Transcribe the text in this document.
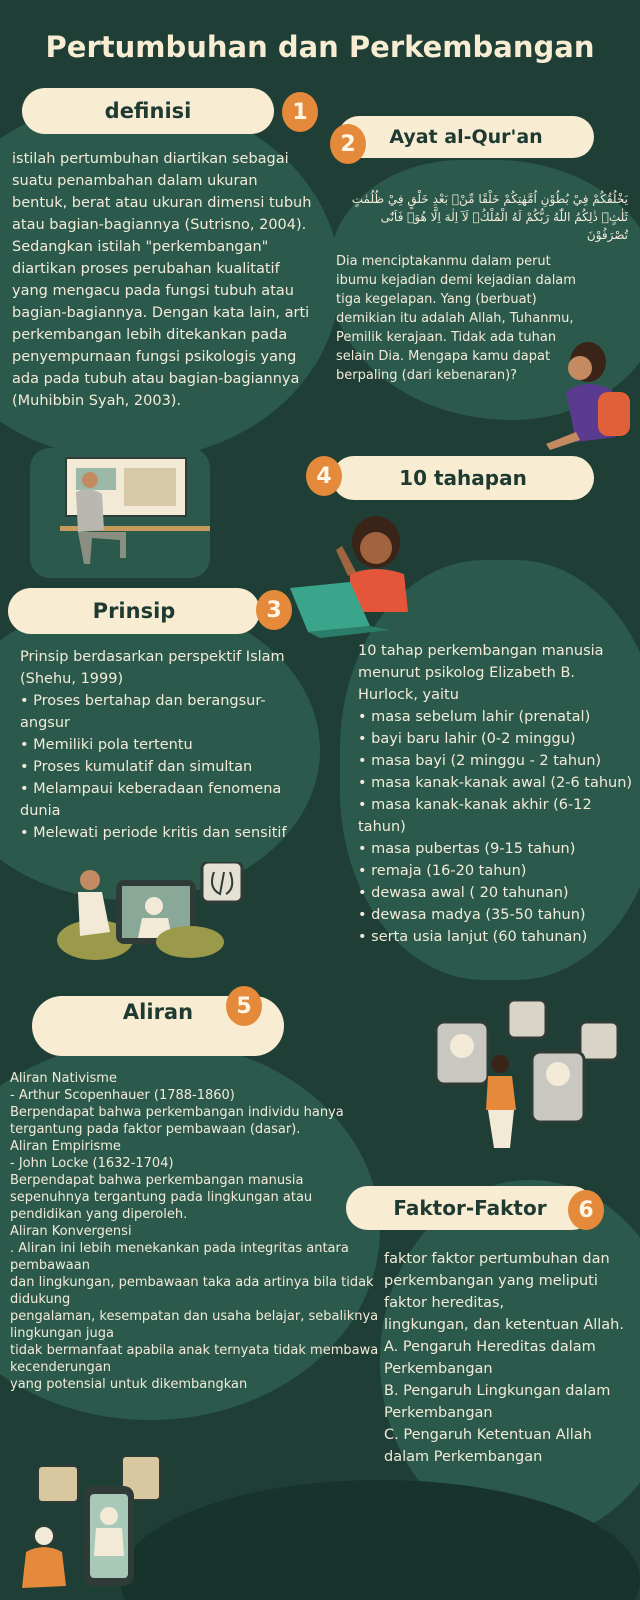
Pertumbuhan dan Perkembangan
definisi	1

istilah pertumbuhan diartikan sebagai suatu penambahan dalam ukuran bentuk, berat atau ukuran dimensi tubuh atau bagian-bagiannya (Sutrisno, 2004).

Sedangkan istilah "perkembangan" diartikan proses perubahan kualitatif yang mengacu pada fungsi tubuh atau bagian-bagiannya. Dengan kata lain, arti perkembangan lebih ditekankan pada penyempurnaan fungsi psikologis yang ada pada tubuh atau bagian-bagiannya (Muhibbin Syah, 2003).

Ayat al-Qur'an
2
يَخْلُقُكُمْ فِيْ بُطُوْنِ اُمَّهٰتِكُمْ خَلْقًا مِّنْۢ بَعْدِ خَلْقٍ فِيْ ظُلُمٰتٍ ثَلٰثٍۗ ذٰلِكُمُ اللّٰهُ رَبُّكُمْ لَهُ الْمُلْكُۗ لَآ اِلٰهَ اِلَّا هُوَۚ فَاَنّٰى تُصْرَفُوْنَ
Dia menciptakanmu dalam perut ibumu kejadian demi kejadian dalam tiga kegelapan. Yang (berbuat) demikian itu adalah Allah, Tuhanmu, Pemilik kerajaan. Tidak ada tuhan selain Dia. Mengapa kamu dapat berpaling (dari kebenaran)?
10 tahapan
4
Prinsip	3

Prinsip berdasarkan perspektif Islam (Shehu, 1999)

• Proses bertahap dan berangsur-angsur

• Memiliki pola tertentu

• Proses kumulatif dan simultan

• Melampaui keberadaan fenomena dunia

• Melewati periode kritis dan sensitif

10 tahap perkembangan manusia menurut psikolog Elizabeth B. Hurlock, yaitu

• masa sebelum lahir (prenatal)

• bayi baru lahir (0-2 minggu)

• masa bayi (2 minggu - 2 tahun)

• masa kanak-kanak awal (2-6 tahun)

• masa kanak-kanak akhir (6-12 tahun)

• masa pubertas (9-15 tahun)

• remaja (16-20 tahun)

• dewasa awal ( 20 tahunan)

• dewasa madya (35-50 tahun)

• serta usia lanjut (60 tahunan)

Aliran	5

Aliran Nativisme

- Arthur Scopenhauer (1788-1860)

Berpendapat bahwa perkembangan individu hanya tergantung pada faktor pembawaan (dasar).

Aliran Empirisme

- John Locke (1632-1704)

Berpendapat bahwa perkembangan manusia sepenuhnya tergantung pada lingkungan atau pendidikan yang diperoleh.

Aliran Konvergensi

. Aliran ini lebih menekankan pada integritas antara pembawaan

dan lingkungan, pembawaan taka ada artinya bila tidak didukung

pengalaman, kesempatan dan usaha belajar, sebaliknya lingkungan juga

tidak bermanfaat apabila anak ternyata tidak membawa kecenderungan

yang potensial untuk dikembangkan

Faktor-Faktor	6

faktor faktor pertumbuhan dan perkembangan yang meliputi faktor hereditas,

lingkungan, dan ketentuan Allah.

A. Pengaruh Hereditas dalam Perkembangan

B. Pengaruh Lingkungan dalam Perkembangan

C. Pengaruh Ketentuan Allah dalam Perkembangan
